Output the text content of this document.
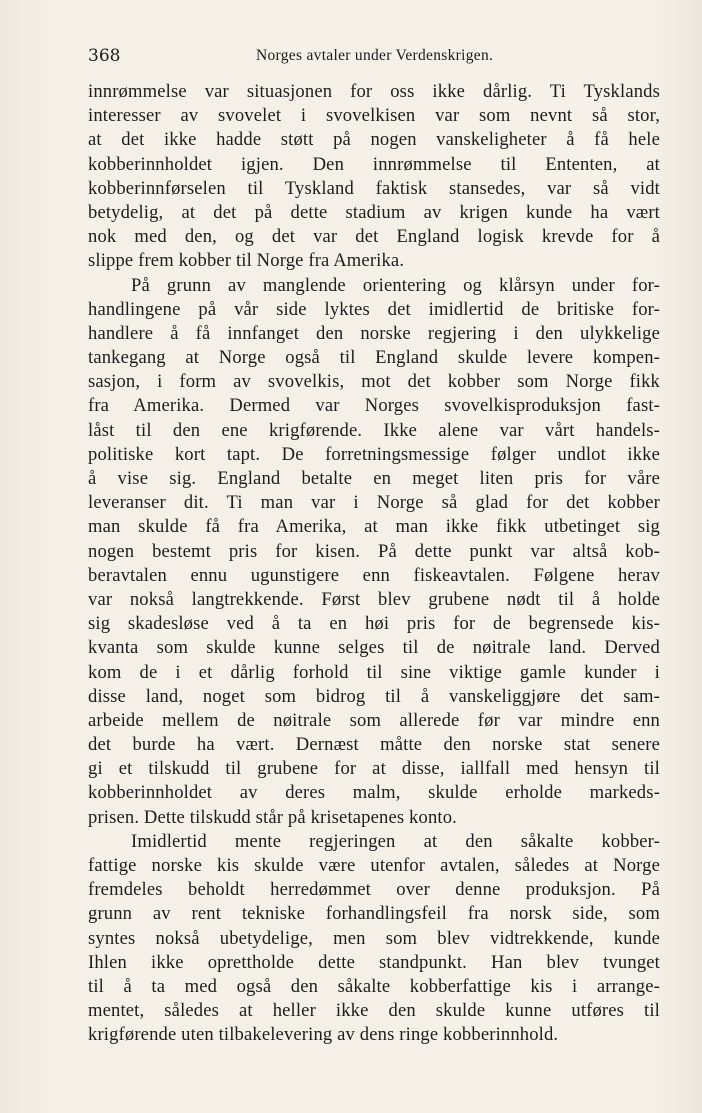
368	Norges avtaler under Verdenskrigen.
innrømmelse var situasjonen for oss ikke dårlig. Ti Tysklands
interesser av svovelet i svovelkisen var som nevnt så stor,
at det ikke hadde støtt på nogen vanskeligheter å få hele
kobberinnholdet igjen. Den innrømmelse til Ententen, at
kobberinnførselen til Tyskland faktisk stansedes, var så vidt
betydelig, at det på dette stadium av krigen kunde ha vært
nok med den, og det var det England logisk krevde for å
slippe frem kobber til Norge fra Amerika.
På grunn av manglende orientering og klårsyn under for-
handlingene på vår side lyktes det imidlertid de britiske for-
handlere å få innfanget den norske regjering i den ulykkelige
tankegang at Norge også til England skulde levere kompen-
sasjon, i form av svovelkis, mot det kobber som Norge fikk
fra Amerika. Dermed var Norges svovelkisproduksjon fast-
låst til den ene krigførende. Ikke alene var vårt handels-
politiske kort tapt. De forretningsmessige følger undlot ikke
å vise sig. England betalte en meget liten pris for våre
leveranser dit. Ti man var i Norge så glad for det kobber
man skulde få fra Amerika, at man ikke fikk utbetinget sig
nogen bestemt pris for kisen. På dette punkt var altså kob-
beravtalen ennu ugunstigere enn fiskeavtalen. Følgene herav
var nokså langtrekkende. Først blev grubene nødt til å holde
sig skadesløse ved å ta en høi pris for de begrensede kis-
kvanta som skulde kunne selges til de nøitrale land. Derved
kom de i et dårlig forhold til sine viktige gamle kunder i
disse land, noget som bidrog til å vanskeliggjøre det sam-
arbeide mellem de nøitrale som allerede før var mindre enn
det burde ha vært. Dernæst måtte den norske stat senere
gi et tilskudd til grubene for at disse, iallfall med hensyn til
kobberinnholdet av deres malm, skulde erholde markeds-
prisen. Dette tilskudd står på krisetapenes konto.
Imidlertid mente regjeringen at den såkalte kobber-
fattige norske kis skulde være utenfor avtalen, således at Norge
fremdeles beholdt herredømmet over denne produksjon. På
grunn av rent tekniske forhandlingsfeil fra norsk side, som
syntes nokså ubetydelige, men som blev vidtrekkende, kunde
Ihlen ikke oprettholde dette standpunkt. Han blev tvunget
til å ta med også den såkalte kobberfattige kis i arrange-
mentet, således at heller ikke den skulde kunne utføres til
krigførende uten tilbakelevering av dens ringe kobberinnhold.
